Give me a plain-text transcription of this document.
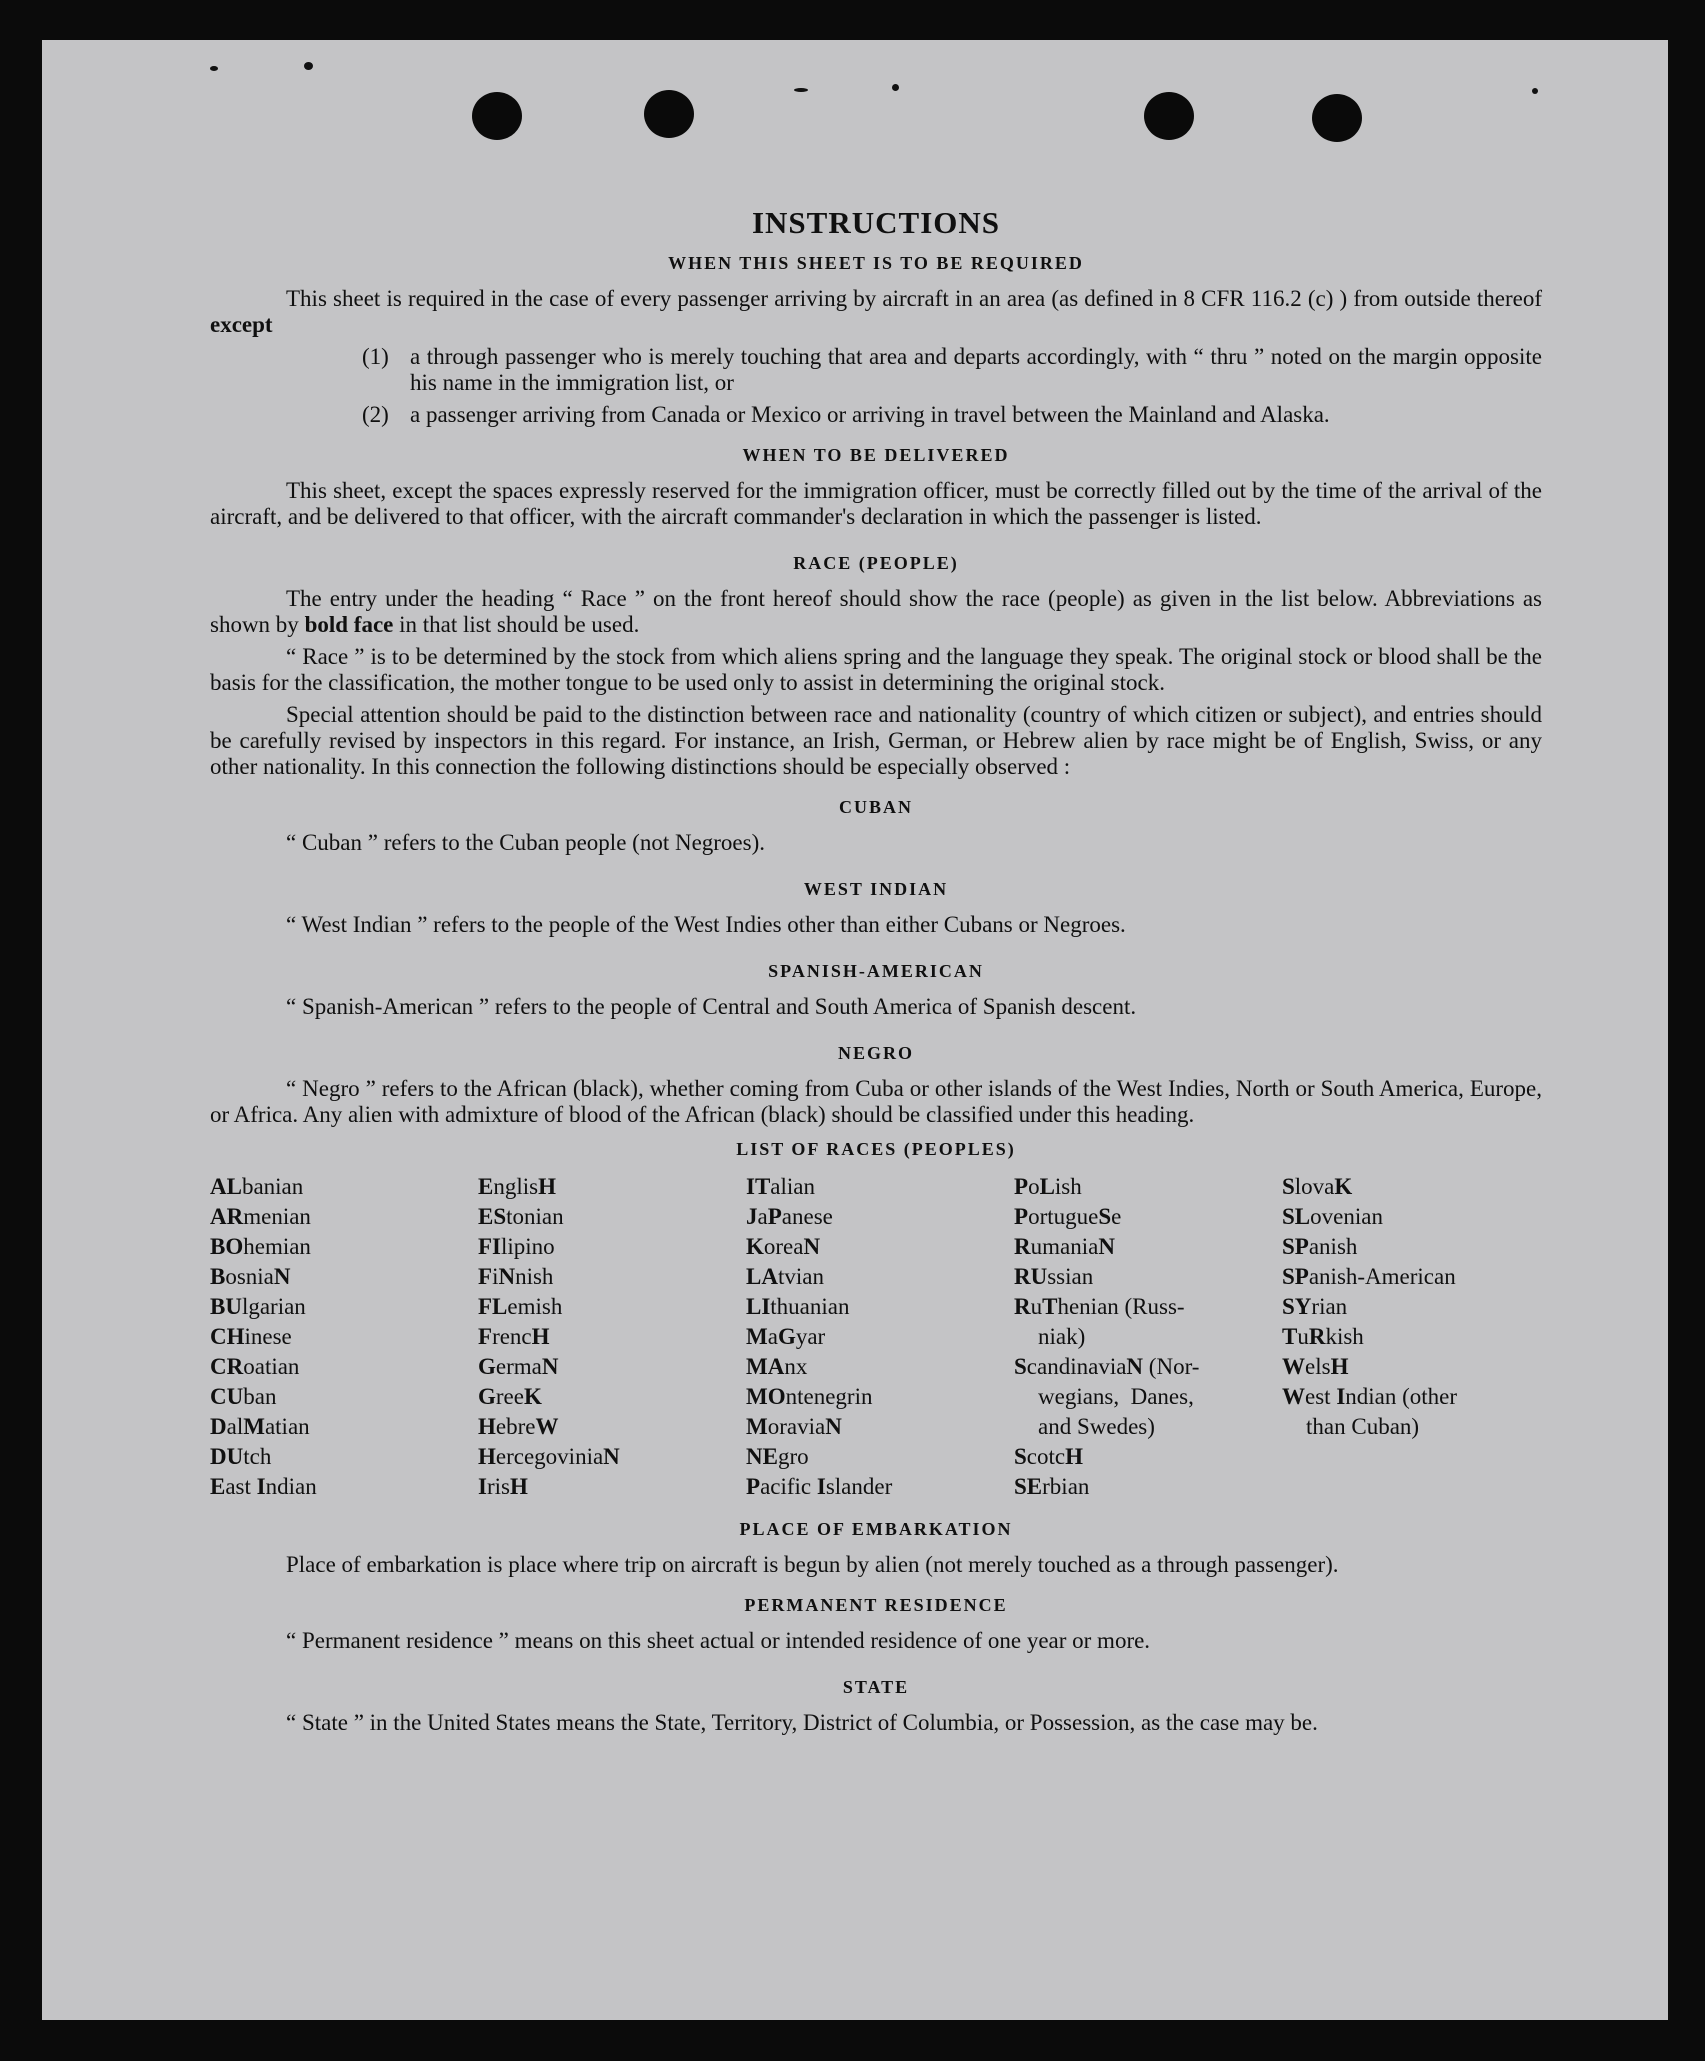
INSTRUCTIONS
WHEN THIS SHEET IS TO BE REQUIRED

This sheet is required in the case of every passenger arriving by aircraft in an area (as defined in 8 CFR 116.2 (c) ) from outside thereof except

(1) a through passenger who is merely touching that area and departs accordingly, with “ thru ” noted on the margin opposite his name in the immigration list, or
(2) a passenger arriving from Canada or Mexico or arriving in travel between the Mainland and Alaska.
WHEN TO BE DELIVERED

This sheet, except the spaces expressly reserved for the immigration officer, must be correctly filled out by the time of the arrival of the aircraft, and be delivered to that officer, with the aircraft commander's declaration in which the passenger is listed.

RACE (PEOPLE)

The entry under the heading “ Race ” on the front hereof should show the race (people) as given in the list below. Abbreviations as shown by bold face in that list should be used.

“ Race ” is to be determined by the stock from which aliens spring and the language they speak. The original stock or blood shall be the basis for the classification, the mother tongue to be used only to assist in determining the original stock.

Special attention should be paid to the distinction between race and nationality (country of which citizen or subject), and entries should be carefully revised by inspectors in this regard. For instance, an Irish, German, or Hebrew alien by race might be of English, Swiss, or any other nationality. In this connection the following distinctions should be especially observed :

CUBAN

“ Cuban ” refers to the Cuban people (not Negroes).

WEST INDIAN

“ West Indian ” refers to the people of the West Indies other than either Cubans or Negroes.

SPANISH-AMERICAN

“ Spanish-American ” refers to the people of Central and South America of Spanish descent.

NEGRO

“ Negro ” refers to the African (black), whether coming from Cuba or other islands of the West Indies, North or South America, Europe, or Africa. Any alien with admixture of blood of the African (black) should be classified under this heading.

LIST OF RACES (PEOPLES)
ALbanian
ARmenian
BOhemian
BosniaN
BUlgarian
CHinese
CRoatian
CUban
DalMatian
DUtch
East Indian
EnglisH
EStonian
FIlipino
FiNnish
FLemish
FrencH
GermaN
GreeK
HebreW
HercegoviniaN
IrisH
ITalian
JaPanese
KoreaN
LAtvian
LIthuanian
MaGyar
MAnx
MOntenegrin
MoraviaN
NEgro
Pacific Islander
PoLish
PortugueSe
RumaniaN
RUssian
RuThenian (Russ-
niak)
ScandinaviaN (Nor-
wegians,  Danes,
and Swedes)
ScotcH
SErbian
SlovaK
SLovenian
SPanish
SPanish-American
SYrian
TuRkish
WelsH
West Indian (other
than Cuban)
PLACE OF EMBARKATION

Place of embarkation is place where trip on aircraft is begun by alien (not merely touched as a through passenger).

PERMANENT RESIDENCE

“ Permanent residence ” means on this sheet actual or intended residence of one year or more.

STATE

“ State ” in the United States means the State, Territory, District of Columbia, or Possession, as the case may be.
